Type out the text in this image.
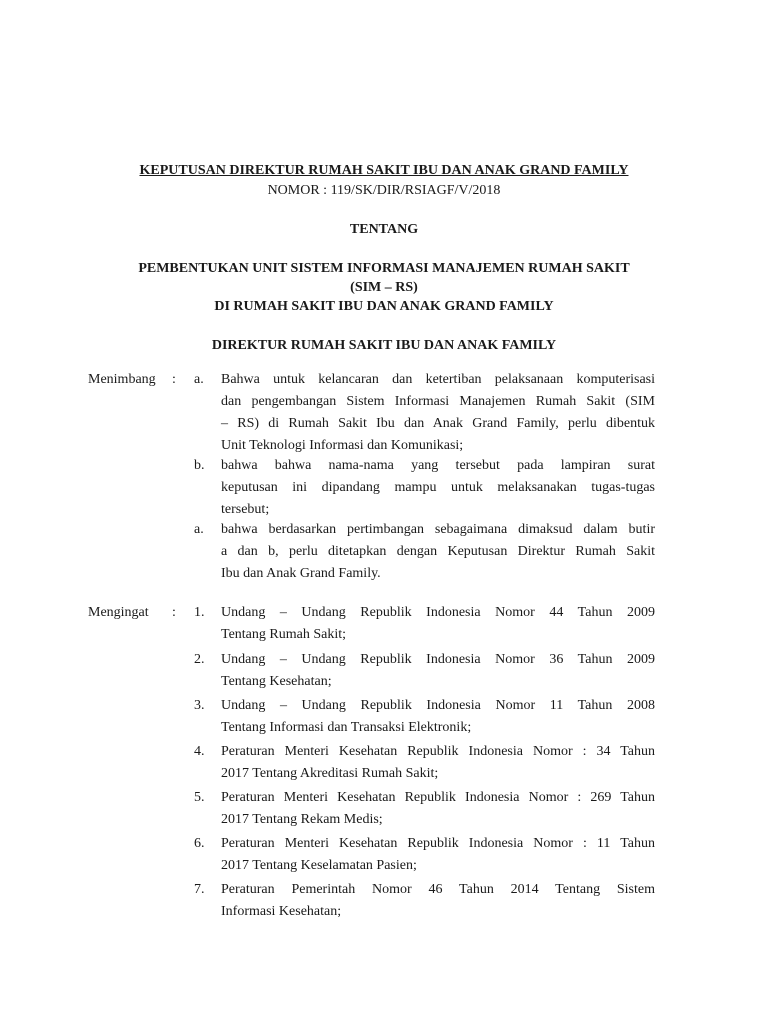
KEPUTUSAN DIREKTUR RUMAH SAKIT IBU DAN ANAK GRAND FAMILY
NOMOR : 119/SK/DIR/RSIAGF/V/2018
TENTANG
PEMBENTUKAN UNIT SISTEM INFORMASI MANAJEMEN RUMAH SAKIT
(SIM – RS)
DI RUMAH SAKIT IBU DAN ANAK GRAND FAMILY
DIREKTUR RUMAH SAKIT IBU DAN ANAK FAMILY
Menimbang : a. Bahwa untuk kelancaran dan ketertiban pelaksanaan komputerisasi
dan pengembangan Sistem Informasi Manajemen Rumah Sakit (SIM
– RS) di Rumah Sakit Ibu dan Anak Grand Family, perlu dibentuk
Unit Teknologi Informasi dan Komunikasi;
b. bahwa bahwa nama-nama yang tersebut pada lampiran surat
keputusan ini dipandang mampu untuk melaksanakan tugas-tugas
tersebut;
a. bahwa berdasarkan pertimbangan sebagaimana dimaksud dalam butir
a dan b, perlu ditetapkan dengan Keputusan Direktur Rumah Sakit
Ibu dan Anak Grand Family.
Mengingat : 1. Undang – Undang Republik Indonesia Nomor 44 Tahun 2009
Tentang Rumah Sakit;
2. Undang – Undang Republik Indonesia Nomor 36 Tahun 2009
Tentang Kesehatan;
3. Undang – Undang Republik Indonesia Nomor 11 Tahun 2008
Tentang Informasi dan Transaksi Elektronik;
4. Peraturan Menteri Kesehatan Republik Indonesia Nomor : 34 Tahun
2017 Tentang Akreditasi Rumah Sakit;
5. Peraturan Menteri Kesehatan Republik Indonesia Nomor : 269 Tahun
2017 Tentang Rekam Medis;
6. Peraturan Menteri Kesehatan Republik Indonesia Nomor : 11 Tahun
2017 Tentang Keselamatan Pasien;
7. Peraturan Pemerintah Nomor 46 Tahun 2014 Tentang Sistem
Informasi Kesehatan;
